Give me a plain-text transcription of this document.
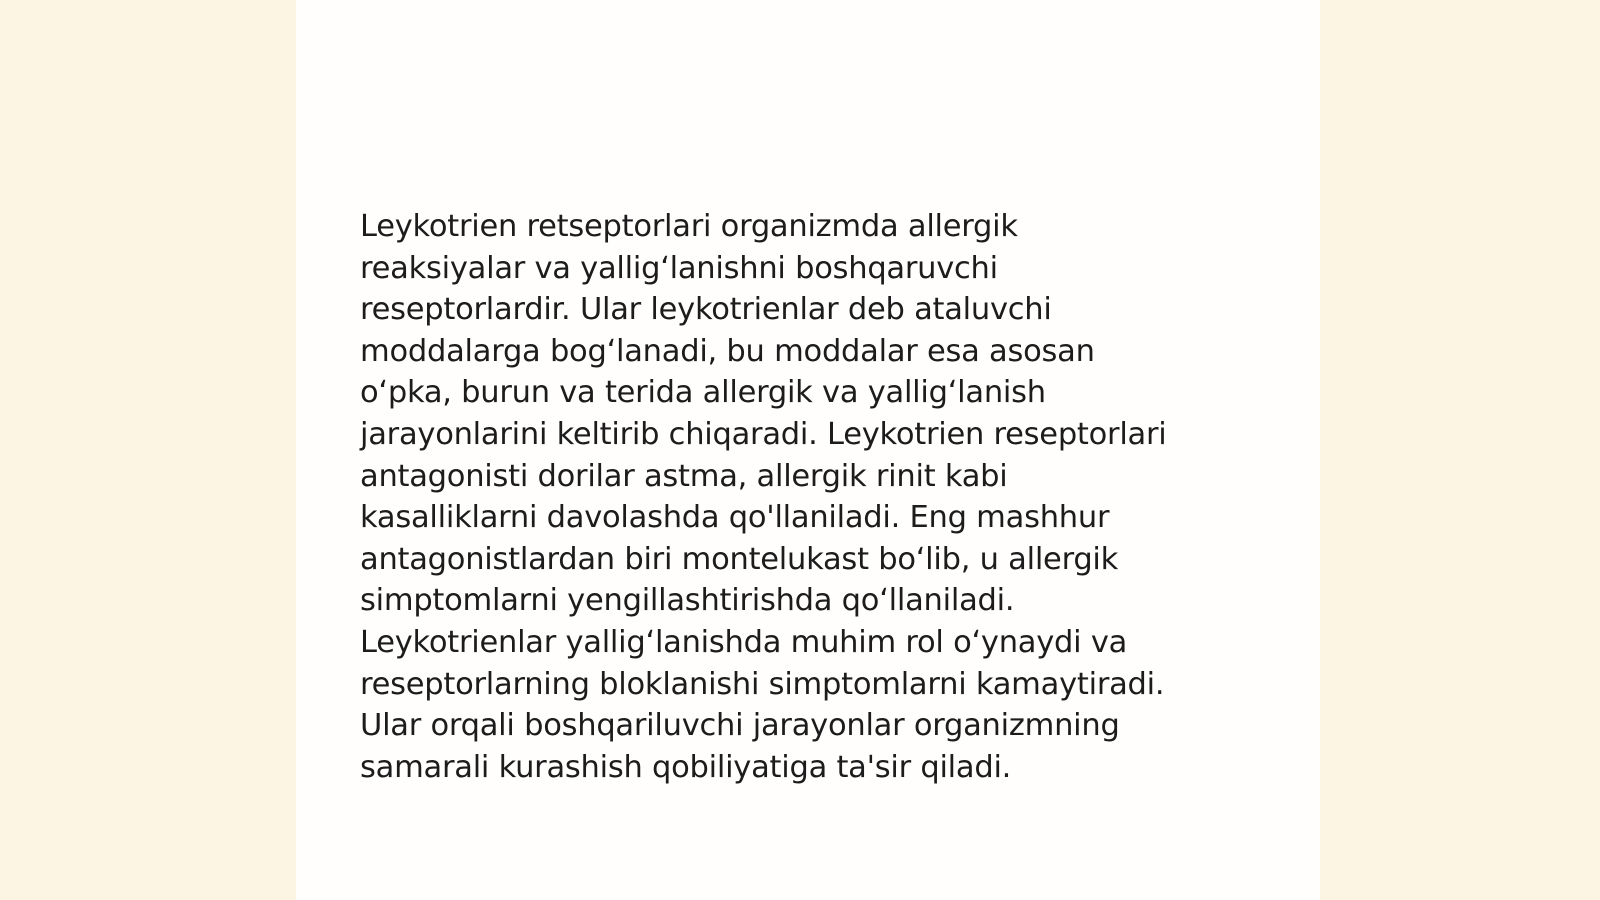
Leykotrien retseptorlari organizmda allergik
reaksiyalar va yallig‘lanishni boshqaruvchi
reseptorlardir. Ular leykotrienlar deb ataluvchi
moddalarga bog‘lanadi, bu moddalar esa asosan
o‘pka, burun va terida allergik va yallig‘lanish
jarayonlarini keltirib chiqaradi. Leykotrien reseptorlari
antagonisti dorilar astma, allergik rinit kabi
kasalliklarni davolashda qo'llaniladi. Eng mashhur
antagonistlardan biri montelukast bo‘lib, u allergik
simptomlarni yengillashtirishda qo‘llaniladi.
Leykotrienlar yallig‘lanishda muhim rol o‘ynaydi va
reseptorlarning bloklanishi simptomlarni kamaytiradi.
Ular orqali boshqariluvchi jarayonlar organizmning
samarali kurashish qobiliyatiga ta'sir qiladi.
